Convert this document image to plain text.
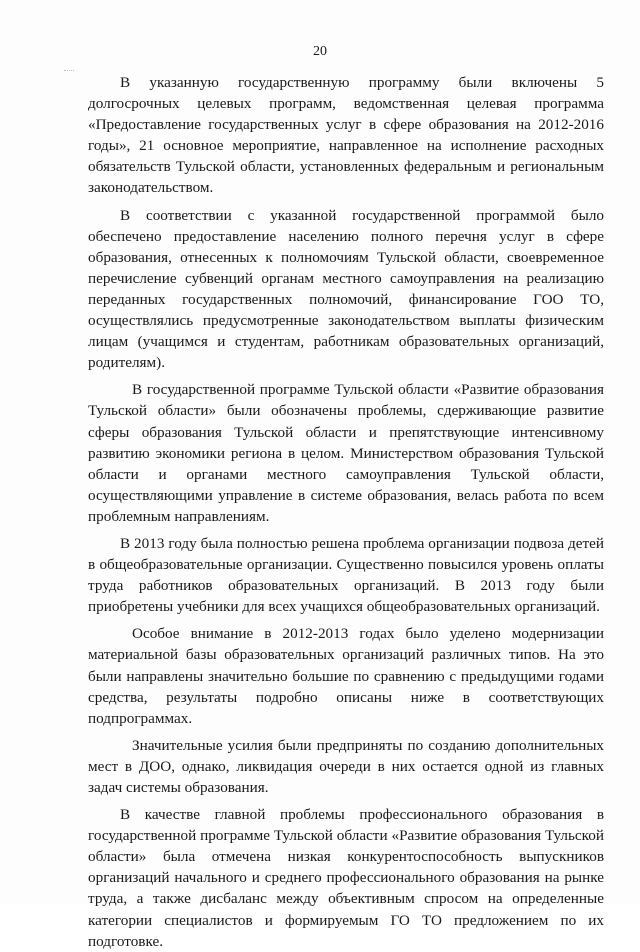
20

В указанную государственную программу были включены 5 долгосрочных целевых программ, ведомственная целевая программа «Предоставление государственных услуг в сфере образования на 2012-2016 годы», 21 основное мероприятие, направленное на исполнение расходных обязательств Тульской области, установленных федеральным и региональным законодательством.

В соответствии с указанной государственной программой было обеспечено предоставление населению полного перечня услуг в сфере образования, отнесенных к полномочиям Тульской области, своевременное перечисление субвенций органам местного самоуправления на реализацию переданных государственных полномочий, финансирование ГОО ТО, осуществлялись предусмотренные законодательством выплаты физическим лицам (учащимся и студентам, работникам образовательных организаций, родителям).

В государственной программе Тульской области «Развитие образования Тульской области» были обозначены проблемы, сдерживающие развитие сферы образования Тульской области и препятствующие интенсивному развитию экономики региона в целом. Министерством образования Тульской области и органами местного самоуправления Тульской области, осуществляющими управление в системе образования, велась работа по всем проблемным направлениям.

В 2013 году была полностью решена проблема организации подвоза детей в общеобразовательные организации. Существенно повысился уровень оплаты труда работников образовательных организаций. В 2013 году были приобретены учебники для всех учащихся общеобразовательных организаций.

Особое внимание в 2012-2013 годах было уделено модернизации материальной базы образовательных организаций различных типов. На это были направлены значительно большие по сравнению с предыдущими годами средства, результаты подробно описаны ниже в соответствующих подпрограммах.

Значительные усилия были предприняты по созданию дополнительных мест в ДОО, однако, ликвидация очереди в них остается одной из главных задач системы образования.

В качестве главной проблемы профессионального образования в государственной программе Тульской области «Развитие образования Тульской области» была отмечена низкая конкурентоспособность выпускников организаций начального и среднего профессионального образования на рынке труда, а также дисбаланс между объективным спросом на определенные категории специалистов и формируемым ГО ТО предложением по их подготовке.
